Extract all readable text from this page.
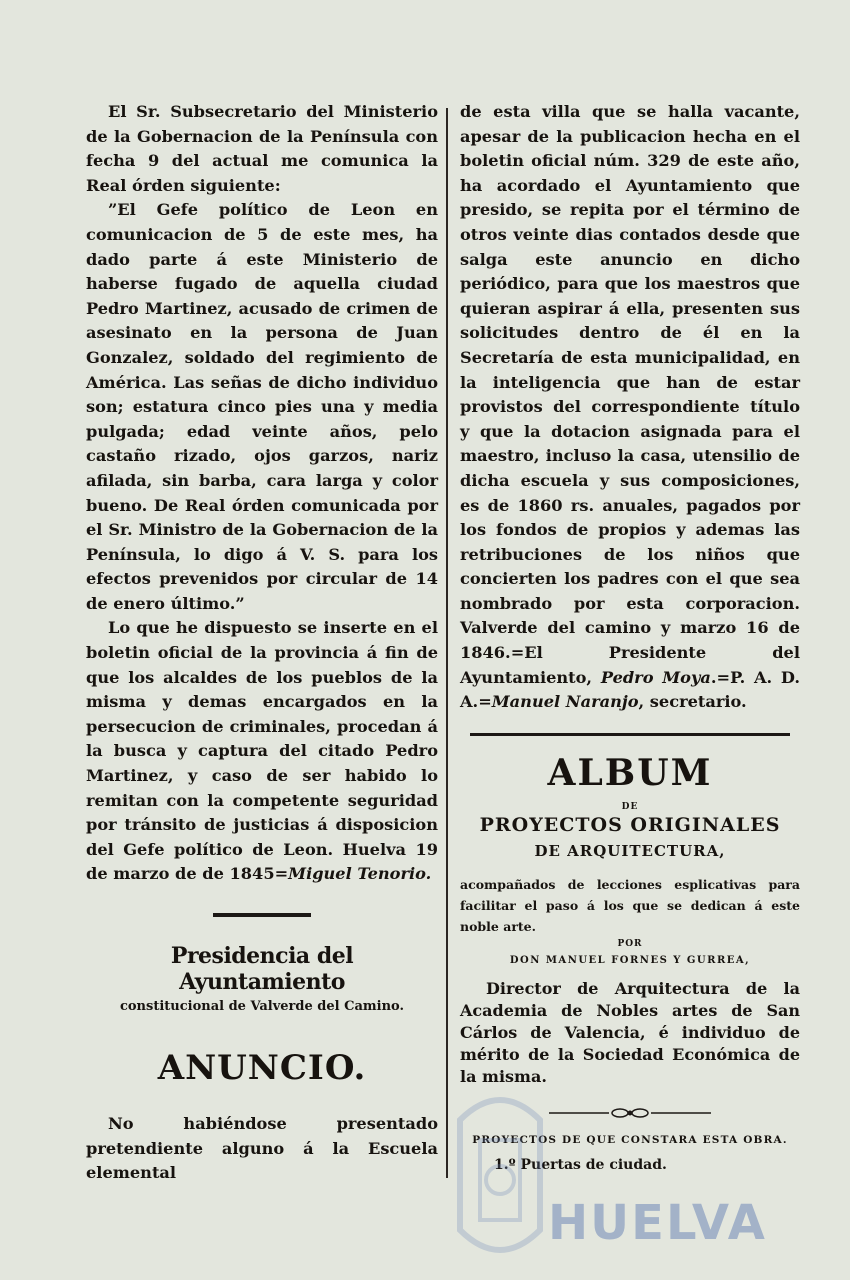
El Sr. Subsecretario del Ministerio de la Gobernacion de la Península con fecha 9 del actual me comunica la Real órden siguiente:

”El Gefe político de Leon en comunicacion de 5 de este mes, ha dado parte á este Ministerio de haberse fugado de aquella ciudad Pedro Martinez, acusado de crimen de asesinato en la persona de Juan Gonzalez, soldado del regimiento de América. Las señas de dicho individuo son; estatura cinco pies una y media pulgada; edad veinte años, pelo castaño rizado, ojos garzos, nariz afilada, sin barba, cara larga y color bueno. De Real órden comunicada por el Sr. Ministro de la Gobernacion de la Península, lo digo á V. S. para los efectos prevenidos por circular de 14 de enero último.”

Lo que he dispuesto se inserte en el boletin oficial de la provincia á fin de que los alcaldes de los pueblos de la misma y demas encargados en la persecucion de criminales, procedan á la busca y captura del citado Pedro Martinez, y caso de ser habido lo remitan con la competente seguridad por tránsito de justicias á disposicion del Gefe político de Leon. Huelva 19 de marzo de de 1845=Miguel Tenorio.

Presidencia del Ayuntamiento
constitucional de Valverde del Camino.
ANUNCIO.

No habiéndose presentado pretendiente alguno á la Escuela elemental

de esta villa que se halla vacante, apesar de la publicacion hecha en el boletin oficial núm. 329 de este año, ha acordado el Ayuntamiento que presido, se repita por el término de otros veinte dias contados desde que salga este anuncio en dicho periódico, para que los maestros que quieran aspirar á ella, presenten sus solicitudes dentro de él en la Secretaría de esta municipalidad, en la inteligencia que han de estar provistos del correspondiente título y que la dotacion asignada para el maestro, incluso la casa, utensilio de dicha escuela y sus composiciones, es de 1860 rs. anuales, pagados por los fondos de propios y ademas las retribuciones de los niños que concierten los padres con el que sea nombrado por esta corporacion. Valverde del camino y marzo 16 de 1846.=El Presidente del Ayuntamiento, Pedro Moya.=P. A. D. A.=Manuel Naranjo, secretario.

ALBUM
DE
PROYECTOS ORIGINALES
DE ARQUITECTURA,

acompañados de lecciones esplicativas para facilitar el paso á los que se dedican á este noble arte.

POR
DON MANUEL FORNES Y GURREA,

Director de Arquitectura de la Academia de Nobles artes de San Cárlos de Valencia, é individuo de mérito de la Sociedad Económica de la misma.

PROYECTOS DE QUE CONSTARA ESTA OBRA.
1.º Puertas de ciudad.
HUELVA
